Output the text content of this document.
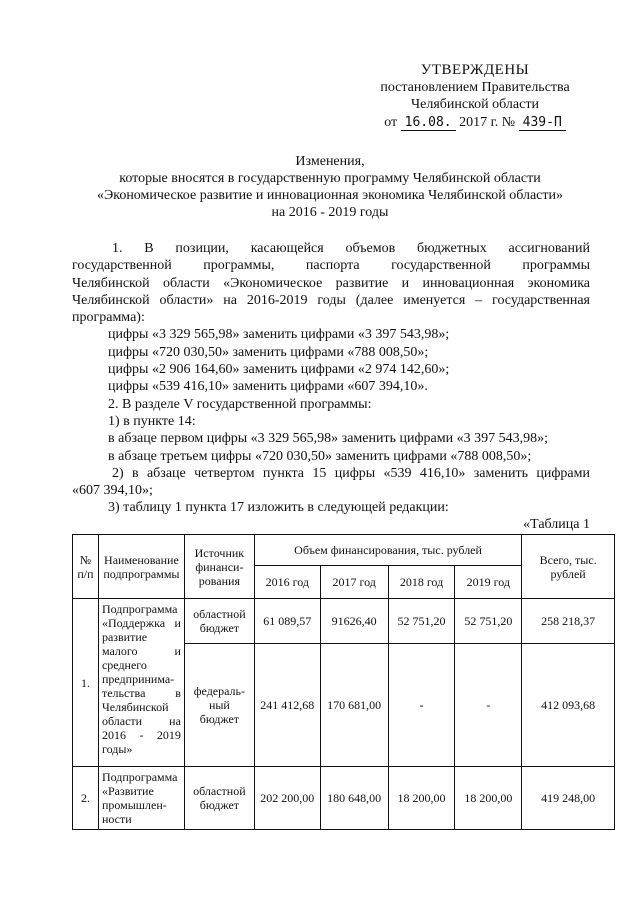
УТВЕРЖДЕНЫ
постановлением Правительства
Челябинской области
от 16.08. 2017 г. № 439-П
Изменения,
которые вносятся в государственную программу Челябинской области
«Экономическое развитие и инновационная экономика Челябинской области»
на 2016 - 2019 годы

1. В позиции, касающейся объемов бюджетных ассигнований

государственной программы, паспорта государственной программы

Челябинской области «Экономическое развитие и инновационная экономика

Челябинской области» на 2016-2019 годы (далее именуется – государственная

программа):

цифры «3 329 565,98» заменить цифрами «3 397 543,98»;

цифры «720 030,50» заменить цифрами «788 008,50»;

цифры «2 906 164,60» заменить цифрами «2 974 142,60»;

цифры «539 416,10» заменить цифрами «607 394,10».

2. В разделе V государственной программы:

1) в пункте 14:

в абзаце первом цифры «3 329 565,98» заменить цифрами «3 397 543,98»;

в абзаце третьем цифры «720 030,50» заменить цифрами «788 008,50»;

2) в абзаце четвертом пункта 15 цифры «539 416,10» заменить цифрами

«607 394,10»;

3) таблицу 1 пункта 17 изложить в следующей редакции:

«Таблица 1
№ п/п	Наименование подпрограммы	Источник финанси-рования	Объем финансирования, тыс. рублей				Всего, тыс. рублей
			2016 год	2017 год	2018 год	2019 год	
1.	Подпрограмма «Поддержка и развитие малого и среднего предпринима-тельства в Челябинской области на 2016 - 2019 годы»	областной бюджет	61 089,57	91626,40	52 751,20	52 751,20	258 218,37
		федераль-ный бюджет	241 412,68	170 681,00	-	-	412 093,68
2.	Подпрограмма «Развитие промышлен-ности	областной бюджет	202 200,00	180 648,00	18 200,00	18 200,00	419 248,00
